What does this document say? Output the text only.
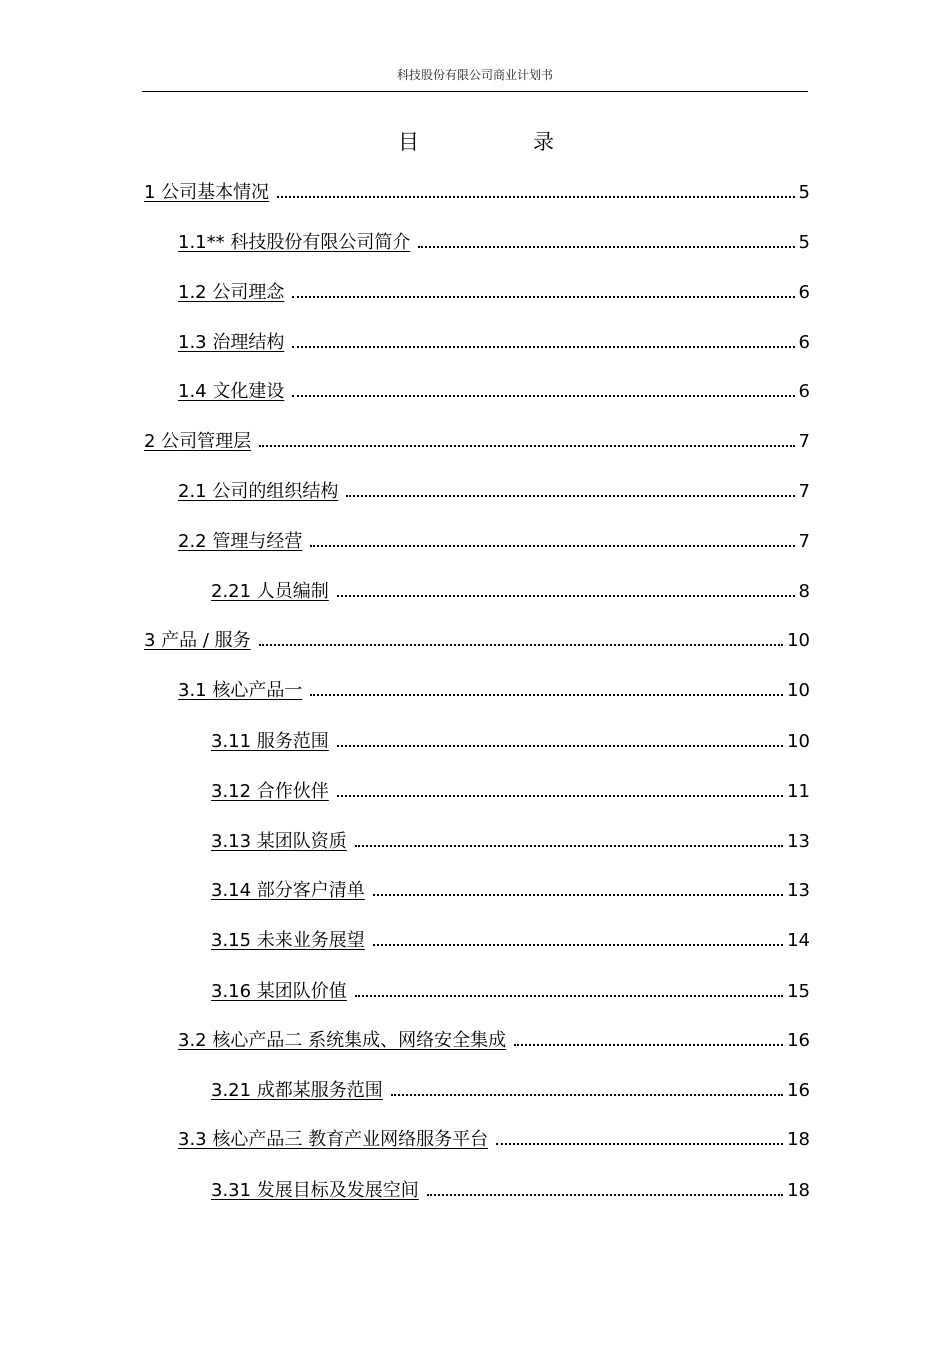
科技股份有限公司商业计划书
目	录
1 公司基本情况	5
1.1** 科技股份有限公司简介	5
1.2 公司理念	6
1.3 治理结构	6
1.4 文化建设	6
2 公司管理层	7
2.1 公司的组织结构	7
2.2 管理与经营	7
2.21 人员编制	8
3 产品 / 服务	10
3.1 核心产品一	10
3.11 服务范围	10
3.12 合作伙伴	11
3.13 某团队资质	13
3.14 部分客户清单	13
3.15 未来业务展望	14
3.16 某团队价值	15
3.2 核心产品二 系统集成、网络安全集成	16
3.21 成都某服务范围	16
3.3 核心产品三 教育产业网络服务平台	18
3.31 发展目标及发展空间	18
